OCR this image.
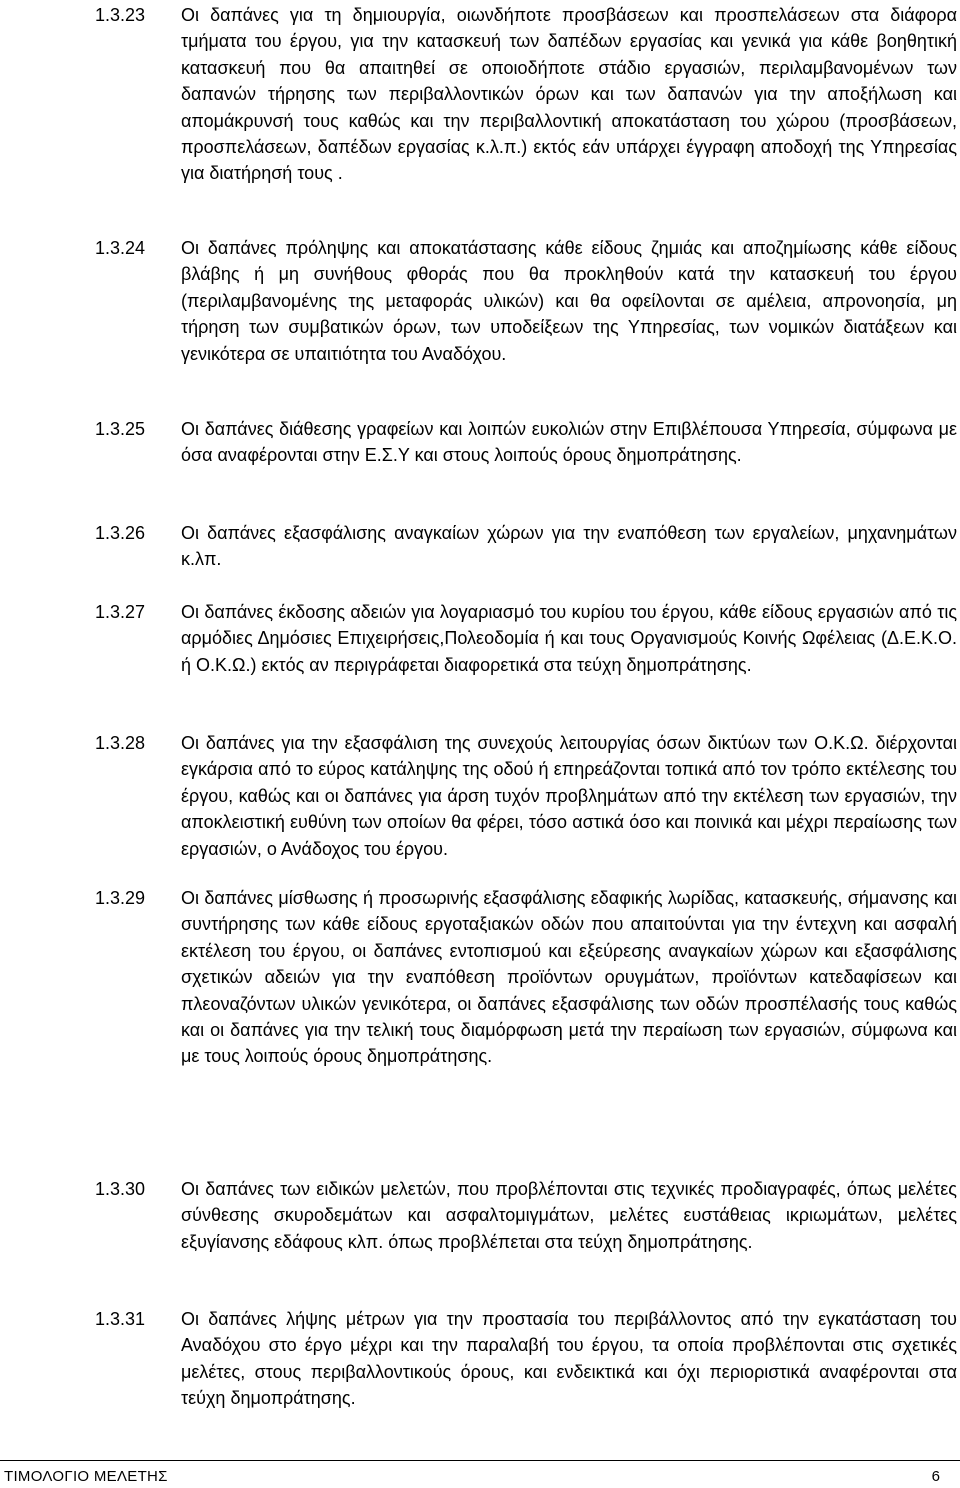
1.3.23 Οι δαπάνες για τη δημιουργία, οιωνδήποτε προσβάσεων και προσπελάσεων στα διάφορα τμήματα του έργου, για την κατασκευή των δαπέδων εργασίας και γενικά για κάθε βοηθητική κατασκευή που θα απαιτηθεί σε οποιοδήποτε στάδιο εργασιών, περιλαμβανομένων των δαπανών τήρησης των περιβαλλοντικών όρων και των δαπανών για την αποξήλωση και απομάκρυνσή τους καθώς και την περιβαλλοντική αποκατάσταση του χώρου (προσβάσεων, προσπελάσεων, δαπέδων εργασίας κ.λ.π.) εκτός εάν υπάρχει έγγραφη αποδοχή της Υπηρεσίας για διατήρησή τους .
1.3.24 Οι δαπάνες πρόληψης και αποκατάστασης κάθε είδους ζημιάς και αποζημίωσης κάθε είδους βλάβης ή μη συνήθους φθοράς που θα προκληθούν κατά την κατασκευή του έργου (περιλαμβανομένης της μεταφοράς υλικών) και θα οφείλονται σε αμέλεια, απρονοησία, μη τήρηση των συμβατικών όρων, των υποδείξεων της Υπηρεσίας, των νομικών διατάξεων και γενικότερα σε υπαιτιότητα του Αναδόχου.
1.3.25 Οι δαπάνες διάθεσης γραφείων και λοιπών ευκολιών στην Επιβλέπουσα Υπηρεσία, σύμφωνα με όσα αναφέρονται στην Ε.Σ.Υ και στους λοιπούς όρους δημοπράτησης.
1.3.26 Οι δαπάνες εξασφάλισης αναγκαίων χώρων για την εναπόθεση των εργαλείων, μηχανημάτων κ.λπ.
1.3.27 Οι δαπάνες έκδοσης αδειών για λογαριασμό του κυρίου του έργου, κάθε είδους εργασιών από τις αρμόδιες Δημόσιες Επιχειρήσεις,Πολεοδομία ή και τους Οργανισμούς Κοινής Ωφέλειας (Δ.Ε.Κ.Ο. ή Ο.Κ.Ω.) εκτός αν περιγράφεται διαφορετικά στα τεύχη δημοπράτησης.
1.3.28 Οι δαπάνες για την εξασφάλιση της συνεχούς λειτουργίας όσων δικτύων των Ο.Κ.Ω. διέρχονται εγκάρσια από το εύρος κατάληψης της οδού ή επηρεάζονται τοπικά από τον τρόπο εκτέλεσης του έργου, καθώς και οι δαπάνες για άρση τυχόν προβλημάτων από την εκτέλεση των εργασιών, την αποκλειστική ευθύνη των οποίων θα φέρει, τόσο αστικά όσο και ποινικά και μέχρι περαίωσης των εργασιών, ο Ανάδοχος του έργου.
1.3.29 Οι δαπάνες μίσθωσης ή προσωρινής εξασφάλισης εδαφικής λωρίδας, κατασκευής, σήμανσης και συντήρησης των κάθε είδους εργοταξιακών οδών που απαιτούνται για την έντεχνη και ασφαλή εκτέλεση του έργου, οι δαπάνες εντοπισμού και εξεύρεσης αναγκαίων χώρων και εξασφάλισης σχετικών αδειών για την εναπόθεση προϊόντων ορυγμάτων, προϊόντων κατεδαφίσεων και πλεοναζόντων υλικών γενικότερα, οι δαπάνες εξασφάλισης των οδών προσπέλασής τους καθώς και οι δαπάνες για την τελική τους διαμόρφωση μετά την περαίωση των εργασιών, σύμφωνα και με τους λοιπούς όρους δημοπράτησης.
1.3.30 Οι δαπάνες των ειδικών μελετών, που προβλέπονται στις τεχνικές προδιαγραφές, όπως μελέτες σύνθεσης σκυροδεμάτων και ασφαλτομιγμάτων, μελέτες ευστάθειας ικριωμάτων, μελέτες εξυγίανσης εδάφους κλπ. όπως προβλέπεται στα τεύχη δημοπράτησης.
1.3.31 Οι δαπάνες λήψης μέτρων για την προστασία του περιβάλλοντος από την εγκατάσταση του Αναδόχου στο έργο μέχρι και την παραλαβή του έργου, τα οποία προβλέπονται στις σχετικές μελέτες, στους περιβαλλοντικούς όρους, και ενδεικτικά και όχι περιοριστικά αναφέρονται στα τεύχη δημοπράτησης.
ΤΙΜΟΛΟΓΙΟ ΜΕΛΕΤΗΣ	6
